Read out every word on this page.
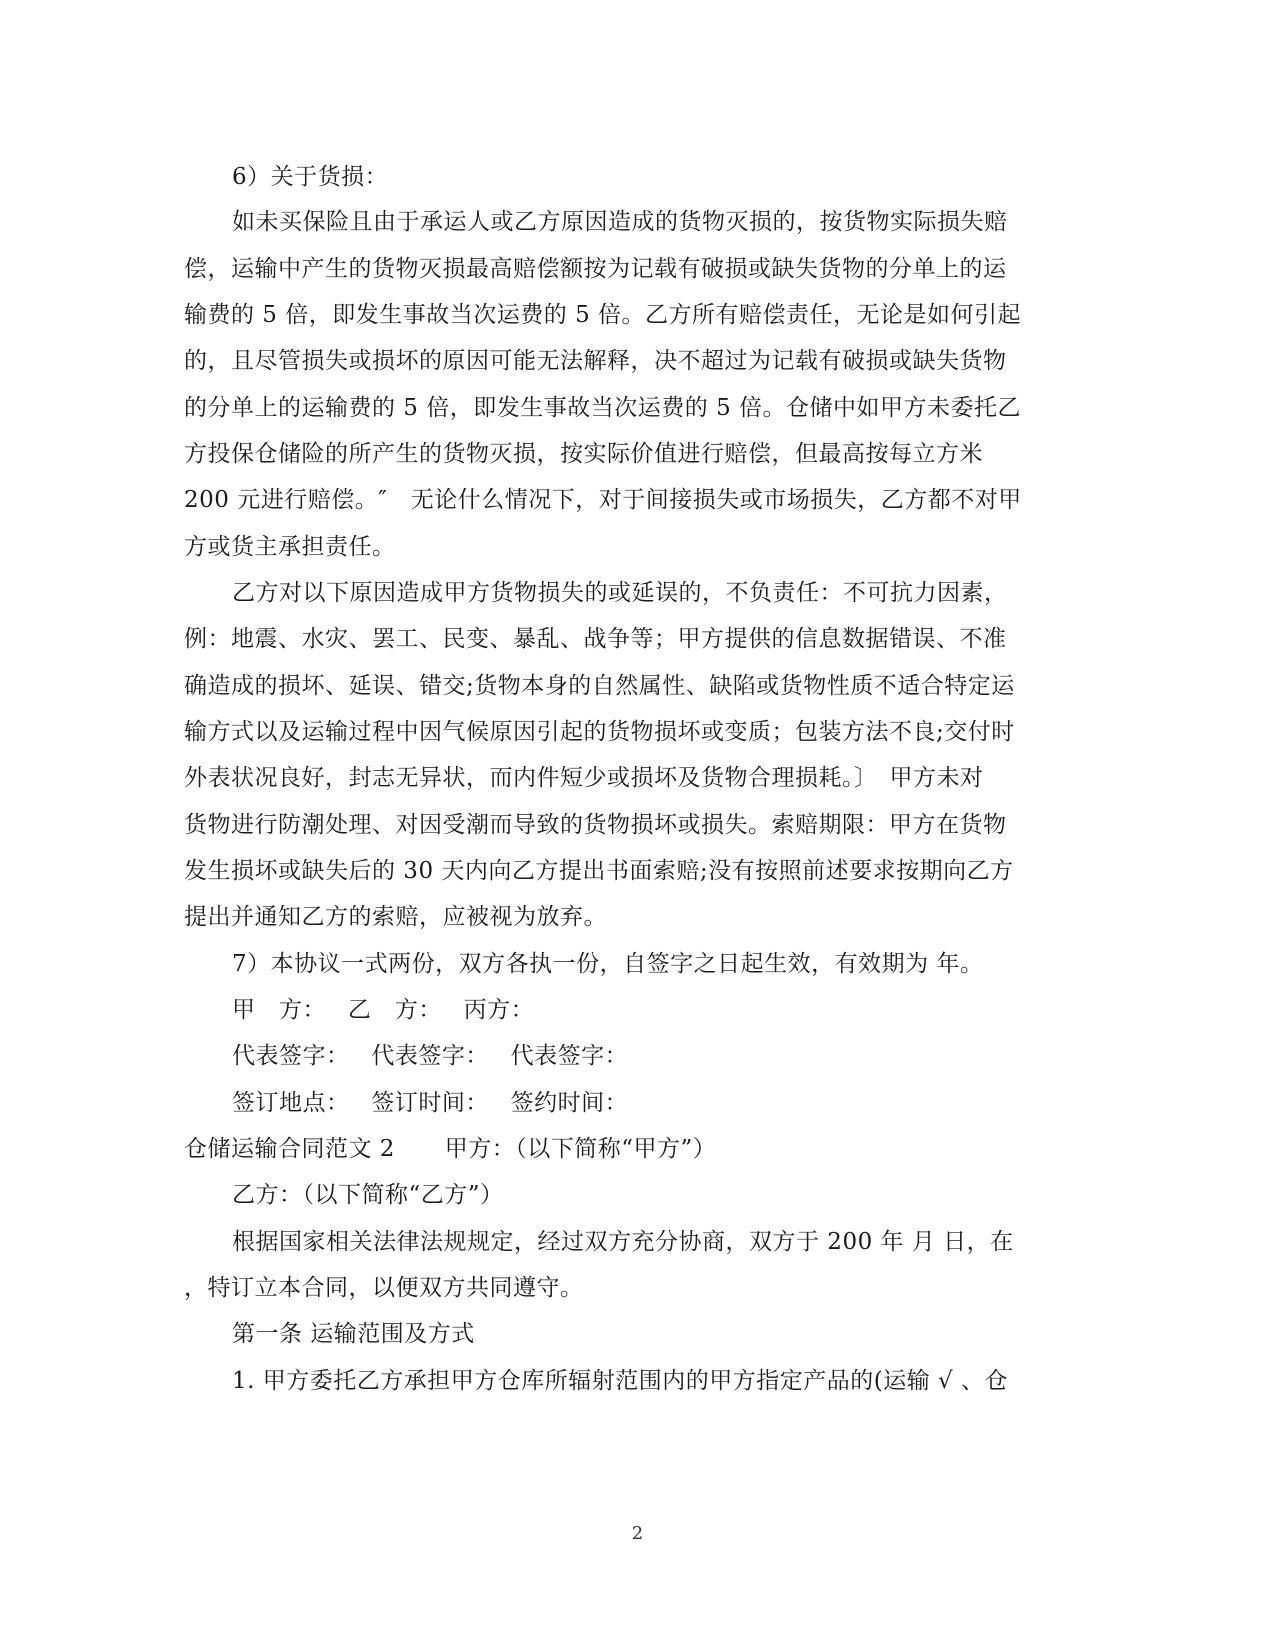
6）关于货损：
如未买保险且由于承运人或乙方原因造成的货物灭损的，按货物实际损失赔
偿，运输中产生的货物灭损最高赔偿额按为记载有破损或缺失货物的分单上的运
输费的 5 倍，即发生事故当次运费的 5 倍。乙方所有赔偿责任，无论是如何引起
的，且尽管损失或损坏的原因可能无法解释，决不超过为记载有破损或缺失货物
的分单上的运输费的 5 倍，即发生事故当次运费的 5 倍。仓储中如甲方未委托乙
方投保仓储险的所产生的货物灭损，按实际价值进行赔偿，但最高按每立方米
200 元进行赔偿。″　无论什么情况下，对于间接损失或市场损失，乙方都不对甲
方或货主承担责任。
乙方对以下原因造成甲方货物损失的或延误的，不负责任：不可抗力因素，
例：地震、水灾、罢工、民变、暴乱、战争等；甲方提供的信息数据错误、不准
确造成的损坏、延误、错交;货物本身的自然属性、缺陷或货物性质不适合特定运
输方式以及运输过程中因气候原因引起的货物损坏或变质；包装方法不良;交付时
外表状况良好，封志无异状，而内件短少或损坏及货物合理损耗。〕　甲方未对
货物进行防潮处理、对因受潮而导致的货物损坏或损失。索赔期限：甲方在货物
发生损坏或缺失后的 30 天内向乙方提出书面索赔;没有按照前述要求按期向乙方
提出并通知乙方的索赔，应被视为放弃。
7）本协议一式两份，双方各执一份，自签字之日起生效，有效期为 年。
甲　方： 乙　方： 丙方：
代表签字： 代表签字： 代表签字：
签订地点： 签订时间： 签约时间：
仓储运输合同范文 2 甲方：（以下简称“甲方”）
乙方：（以下简称“乙方”）
根据国家相关法律法规规定，经过双方充分协商，双方于 200 年 月 日，在
，特订立本合同，以便双方共同遵守。
第一条 运输范围及方式
1. 甲方委托乙方承担甲方仓库所辐射范围内的甲方指定产品的(运输 √ 、仓
2
